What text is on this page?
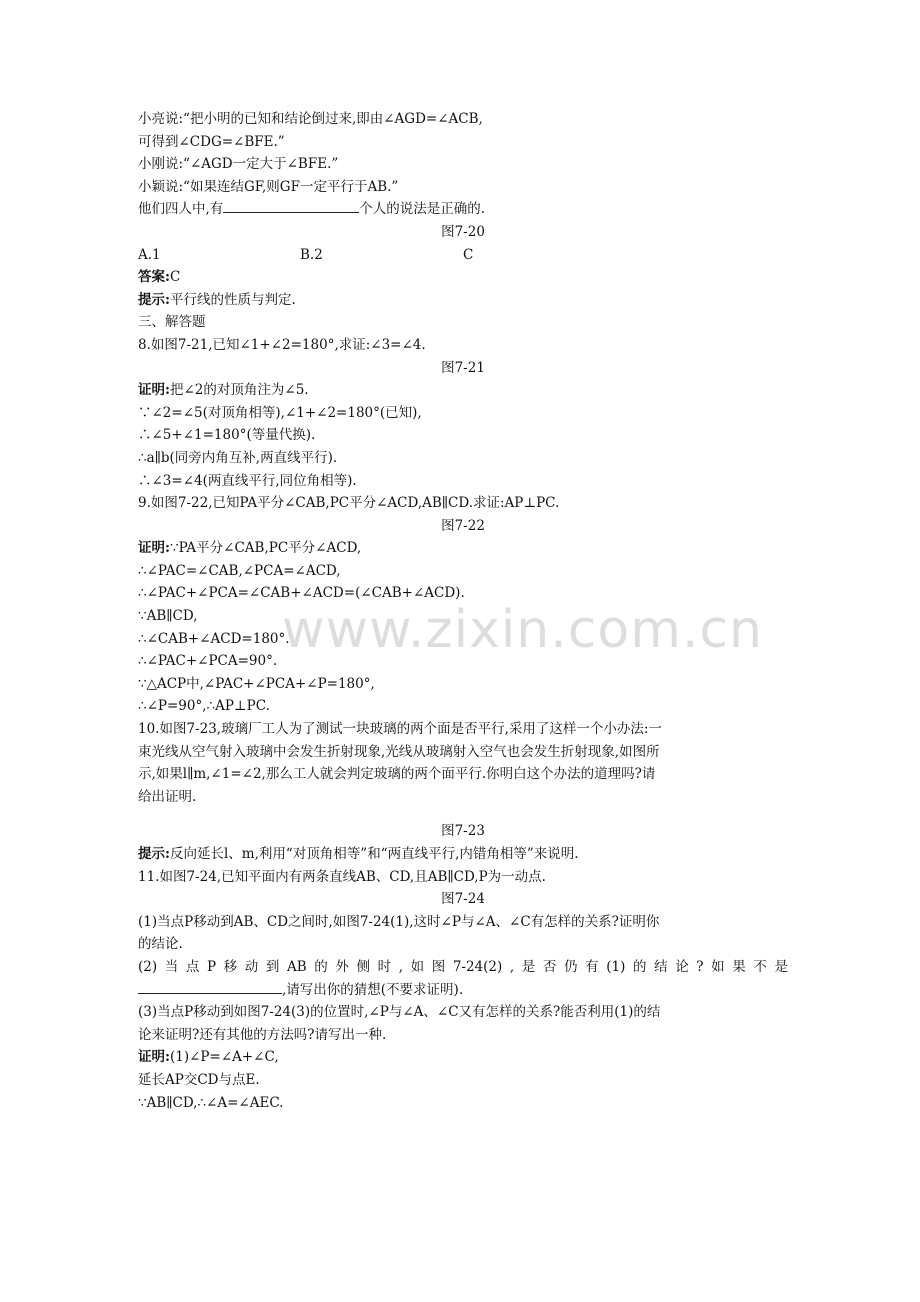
www.zixin.com.cn
小亮说:“把小明的已知和结论倒过来,即由∠AGD=∠ACB,
可得到∠CDG=∠BFE.”
小刚说:“∠AGD一定大于∠BFE.”
小颖说:“如果连结GF,则GF一定平行于AB.”
他们四人中,有	个人的说法是正确的.
图7-20
A.1	B.2	C
答案:C
提示:平行线的性质与判定.
三、解答题
8.如图7-21,已知∠1+∠2=180°,求证:∠3=∠4.
图7-21
证明:把∠2的对顶角注为∠5.
∵∠2=∠5(对顶角相等),∠1+∠2=180°(已知),
∴∠5+∠1=180°(等量代换).
∴a∥b(同旁内角互补,两直线平行).
∴∠3=∠4(两直线平行,同位角相等).
9.如图7-22,已知PA平分∠CAB,PC平分∠ACD,AB∥CD.求证:AP⊥PC.
图7-22
证明:∵PA平分∠CAB,PC平分∠ACD,
∴∠PAC=∠CAB,∠PCA=∠ACD,
∴∠PAC+∠PCA=∠CAB+∠ACD=(∠CAB+∠ACD).
∵AB∥CD,
∴∠CAB+∠ACD=180°.
∴∠PAC+∠PCA=90°.
∵△ACP中,∠PAC+∠PCA+∠P=180°,
∴∠P=90°,∴AP⊥PC.
10.如图7-23,玻璃厂工人为了测试一块玻璃的两个面是否平行,采用了这样一个小办法:一
束光线从空气射入玻璃中会发生折射现象,光线从玻璃射入空气也会发生折射现象,如图所
示,如果l∥m,∠1=∠2,那么工人就会判定玻璃的两个面平行.你明白这个办法的道理吗?请
给出证明.
图7-23
提示:反向延长l、m,利用“对顶角相等”和“两直线平行,内错角相等”来说明.
11.如图7-24,已知平面内有两条直线AB、CD,且AB∥CD,P为一动点.
图7-24
(1)当点P移动到AB、CD之间时,如图7-24(1),这时∠P与∠A、∠C有怎样的关系?证明你
的结论.
(2) 当 点 P 移 动 到 AB 的 外 侧 时 , 如 图 7-24(2) , 是 否 仍 有 (1) 的 结 论 ? 如 果 不 是
,请写出你的猜想(不要求证明).
(3)当点P移动到如图7-24(3)的位置时,∠P与∠A、∠C又有怎样的关系?能否利用(1)的结
论来证明?还有其他的方法吗?请写出一种.
证明:(1)∠P=∠A+∠C,
延长AP交CD与点E.
∵AB∥CD,∴∠A=∠AEC.
